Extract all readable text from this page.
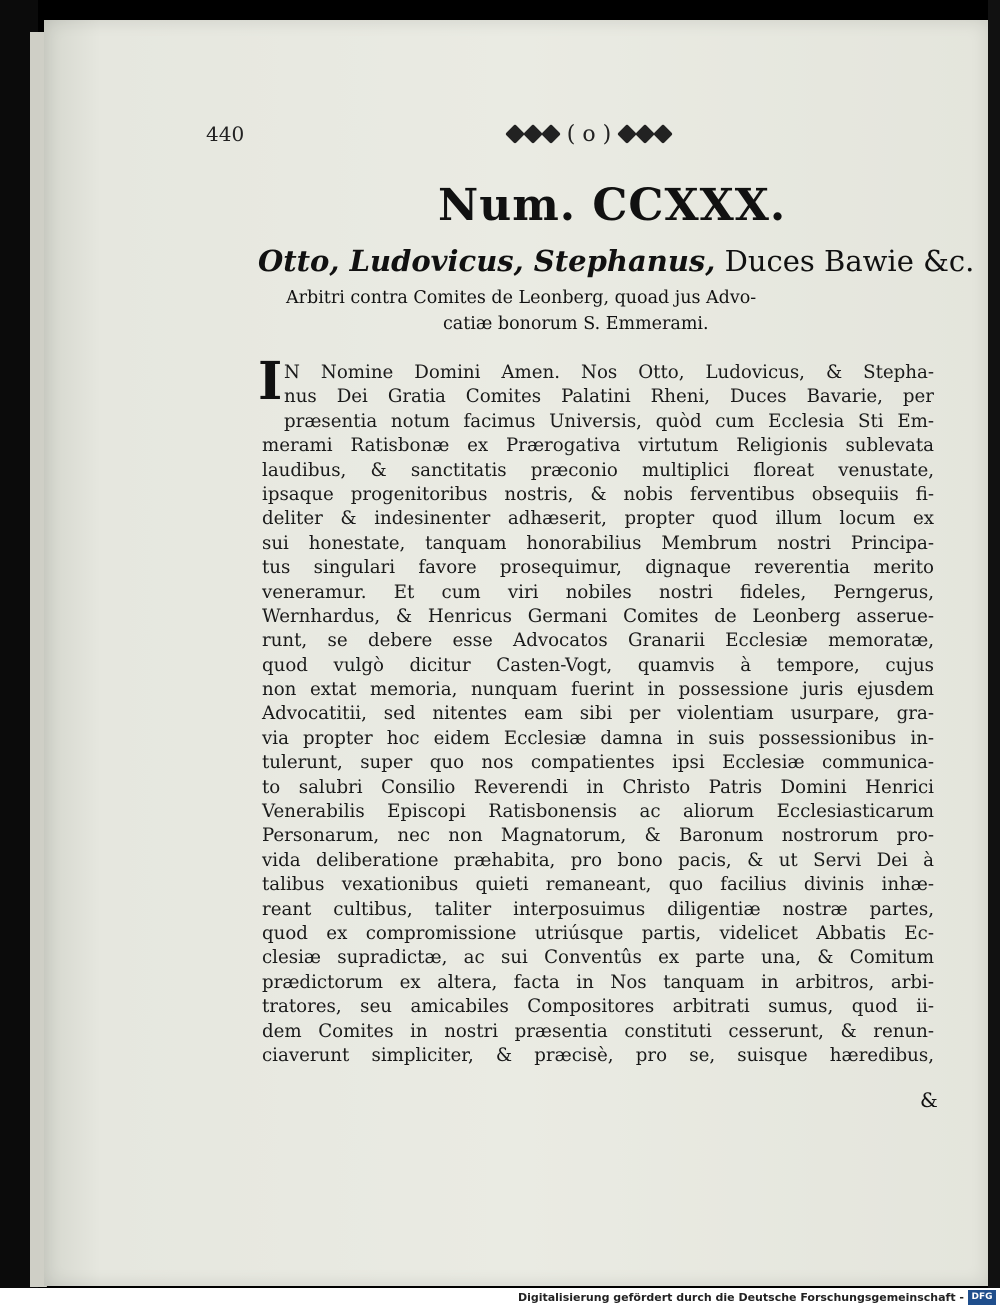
440	( o )
Num. CCXXX.
Otto, Ludovicus, Stephanus, Duces Bawie &c.
Arbitri contra Comites de Leonberg, quoad jus Advo-
catiæ bonorum S. Emmerami.
I N Nomine Domini Amen. Nos Otto, Ludovicus, & Stepha-
nus Dei Gratia Comites Palatini Rheni, Duces Bavarie, per
præsentia notum facimus Universis, quòd cum Ecclesia Sti Em-
merami Ratisbonæ ex Prærogativa virtutum Religionis sublevata
laudibus, & sanctitatis præconio multiplici floreat venustate,
ipsaque progenitoribus nostris, & nobis ferventibus obsequiis fi-
deliter & indesinenter adhæserit, propter quod illum locum ex
sui honestate, tanquam honorabilius Membrum nostri Principa-
tus singulari favore prosequimur, dignaque reverentia merito
veneramur. Et cum viri nobiles nostri fideles, Perngerus,
Wernhardus, & Henricus Germani Comites de Leonberg asserue-
runt, se debere esse Advocatos Granarii Ecclesiæ memoratæ,
quod vulgò dicitur Casten-Vogt, quamvis à tempore, cujus
non extat memoria, nunquam fuerint in possessione juris ejusdem
Advocatitii, sed nitentes eam sibi per violentiam usurpare, gra-
via propter hoc eidem Ecclesiæ damna in suis possessionibus in-
tulerunt, super quo nos compatientes ipsi Ecclesiæ communica-
to salubri Consilio Reverendi in Christo Patris Domini Henrici
Venerabilis Episcopi Ratisbonensis ac aliorum Ecclesiasticarum
Personarum, nec non Magnatorum, & Baronum nostrorum pro-
vida deliberatione præhabita, pro bono pacis, & ut Servi Dei à
talibus vexationibus quieti remaneant, quo facilius divinis inhæ-
reant cultibus, taliter interposuimus diligentiæ nostræ partes,
quod ex compromissione utriúsque partis, videlicet Abbatis Ec-
clesiæ supradictæ, ac sui Conventûs ex parte una, & Comitum
prædictorum ex altera, facta in Nos tanquam in arbitros, arbi-
tratores, seu amicabiles Compositores arbitrati sumus, quod ii-
dem Comites in nostri præsentia constituti cesserunt, & renun-
ciaverunt simpliciter, & præcisè, pro se, suisque hæredibus,
&
Digitalisierung gefördert durch die Deutsche Forschungsgemeinschaft - DFG
